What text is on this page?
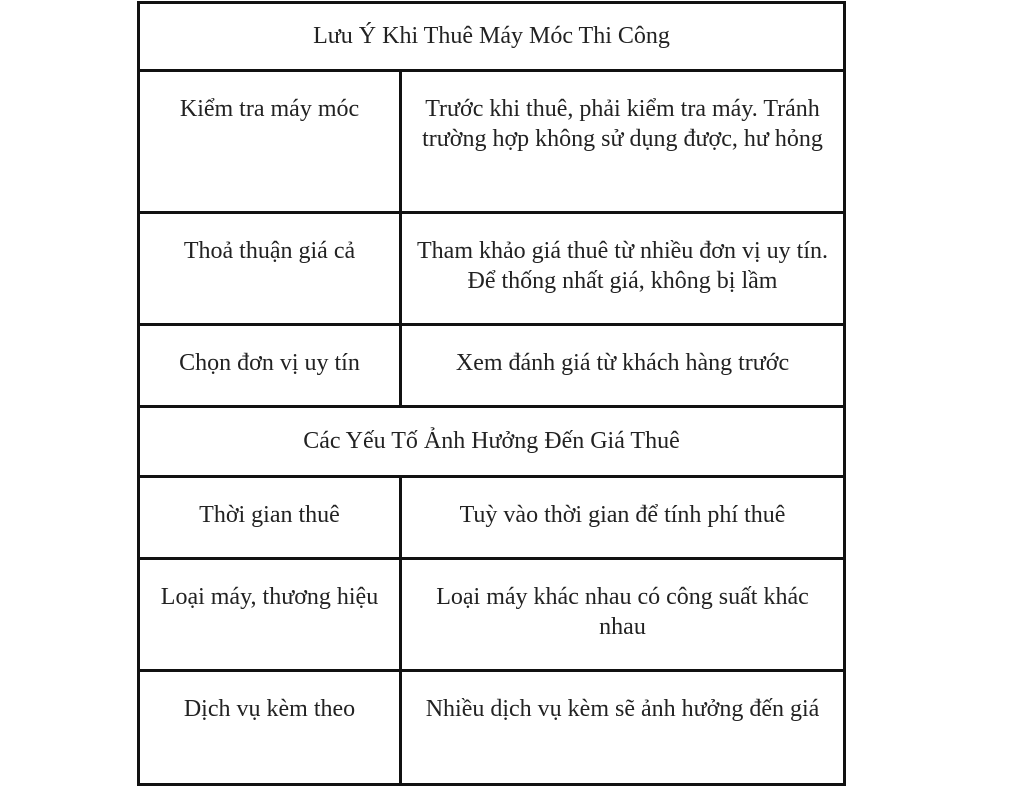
Lưu Ý Khi Thuê Máy Móc Thi Công
Kiểm tra máy móc	Trước khi thuê, phải kiểm tra máy. Tránh trường hợp không sử dụng được, hư hỏng
Thoả thuận giá cả	Tham khảo giá thuê từ nhiều đơn vị uy tín. Để thống nhất giá, không bị lầm
Chọn đơn vị uy tín	Xem đánh giá từ khách hàng trước
Các Yếu Tố Ảnh Hưởng Đến Giá Thuê
Thời gian thuê	Tuỳ vào thời gian để tính phí thuê
Loại máy, thương hiệu	Loại máy khác nhau có công suất khác nhau
Dịch vụ kèm theo	Nhiều dịch vụ kèm sẽ ảnh hưởng đến giá
